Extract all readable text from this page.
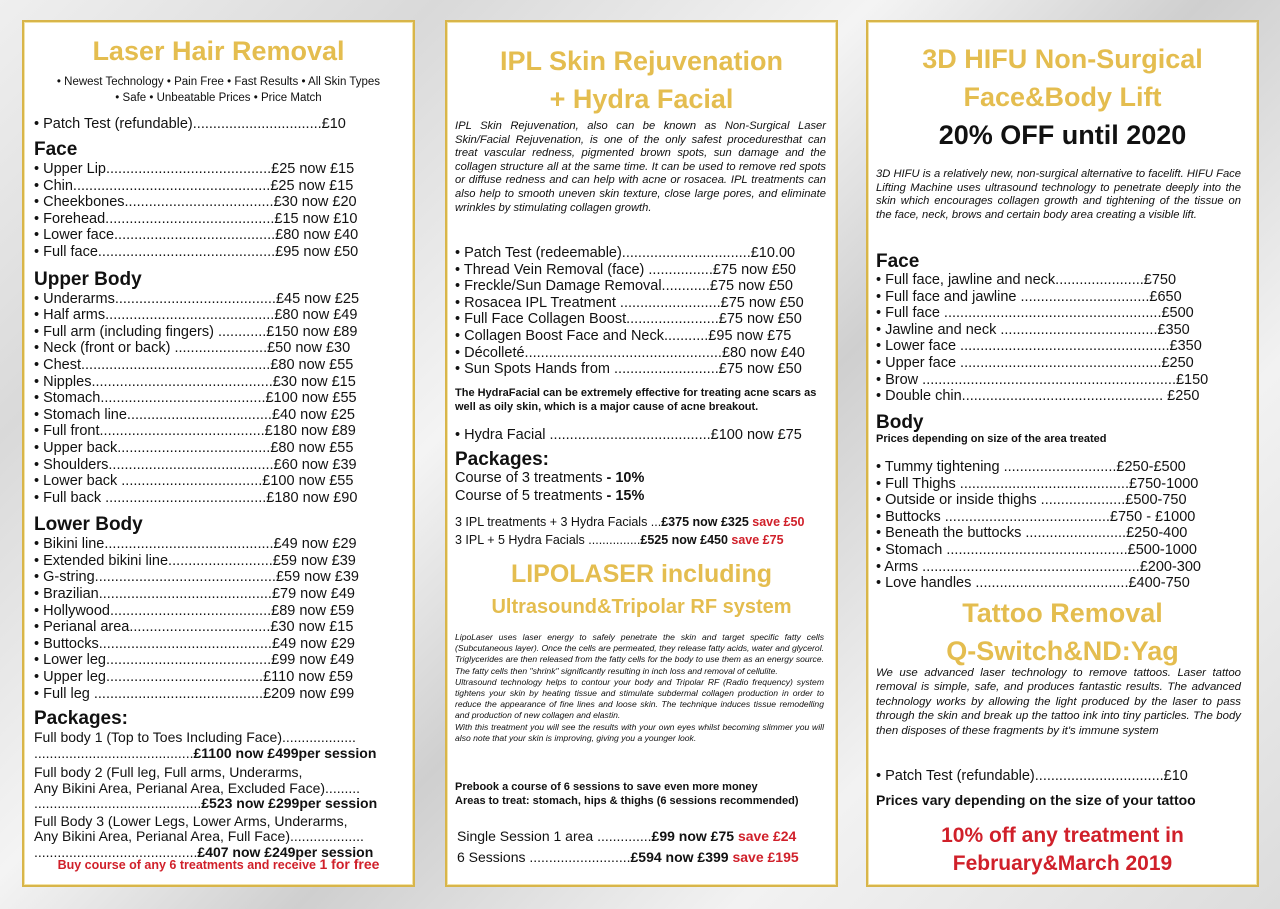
Laser Hair Removal
• Newest Technology • Pain Free • Fast Results • All Skin Types
• Safe • Unbeatable Prices • Price Match
• Patch Test (refundable)................................£10
Face
• Upper Lip.........................................£25 now £15
• Chin.................................................£25 now £15
• Cheekbones.....................................£30 now £20
• Forehead..........................................£15 now £10
• Lower face........................................£80 now £40
• Full face............................................£95 now £50
Upper Body
• Underarms........................................£45 now £25
• Half arms..........................................£80 now £49
• Full arm (including fingers) ............£150 now £89
• Neck (front or back) .......................£50 now £30
• Chest...............................................£80 now £55
• Nipples.............................................£30 now £15
• Stomach.........................................£100 now £55
• Stomach line....................................£40 now £25
• Full front.........................................£180 now £89
• Upper back......................................£80 now £55
• Shoulders.........................................£60 now £39
• Lower back ...................................£100 now £55
• Full back ........................................£180 now £90
Lower Body
• Bikini line..........................................£49 now £29
• Extended bikini line..........................£59 now £39
• G-string.............................................£59 now £39
• Brazilian...........................................£79 now £49
• Hollywood........................................£89 now £59
• Perianal area...................................£30 now £15
• Buttocks...........................................£49 now £29
• Lower leg.........................................£99 now £49
• Upper leg.......................................£110 now £59
• Full leg ..........................................£209 now £99
Packages:
Full body 1 (Top to Toes Including Face)...................
.........................................£1100 now £499per session
Full body 2 (Full leg, Full arms, Underarms,
Any Bikini Area, Perianal Area, Excluded Face).........
...........................................£523 now £299per session
Full Body 3 (Lower Legs, Lower Arms, Underarms,
Any Bikini Area, Perianal Area, Full Face)...................
..........................................£407 now £249per session
Buy course of any 6 treatments and receive 1 for free
IPL Skin Rejuvenation
+ Hydra Facial
IPL Skin Rejuvenation, also can be known as Non-Surgical Laser Skin/Facial Rejuvenation, is one of the only safest proceduresthat can treat vascular redness, pigmented brown spots, sun damage and the collagen structure all at the same time. It can be used to remove red spots or diffuse redness and can help with acne or rosacea. IPL treatments can also help to smooth uneven skin texture, close large pores, and eliminate wrinkles by stimulating collagen growth.
• Patch Test (redeemable)................................£10.00
• Thread Vein Removal (face) ................£75 now £50
• Freckle/Sun Damage Removal............£75 now £50
• Rosacea IPL Treatment .........................£75 now £50
• Full Face Collagen Boost.......................£75 now £50
• Collagen Boost Face and Neck...........£95 now £75
• Décolleté.................................................£80 now £40
• Sun Spots Hands from ..........................£75 now £50
The HydraFacial can be extremely effective for treating acne scars as well as oily skin, which is a major cause of acne breakout.
• Hydra Facial ........................................£100 now £75
Packages:
Course of 3 treatments - 10%
Course of 5 treatments - 15%
3 IPL treatments + 3 Hydra Facials ...£375 now £325 save £50
3 IPL + 5 Hydra Facials ...............£525 now £450 save £75
LIPOLASER including
Ultrasound&Tripolar RF system
LipoLaser uses laser energy to safely penetrate the skin and target specific fatty cells (Subcutaneous layer). Once the cells are permeated, they release fatty acids, water and glycerol. Triglycerides are then released from the fatty cells for the body to use them as an energy source. The fatty cells then "shrink" significantly resulting in inch loss and removal of cellulite.
Ultrasound technology helps to contour your body and Tripolar RF (Radio frequency) system tightens your skin by heating tissue and stimulate subdermal collagen production in order to reduce the appearance of fine lines and loose skin. The technique induces tissue remodelling and production of new collagen and elastin.
With this treatment you will see the results with your own eyes whilst becoming slimmer you will also note that your skin is improving, giving you a younger look.
Prebook a course of 6 sessions to save even more money
Areas to treat: stomach, hips & thighs (6 sessions recommended)
Single Session 1 area ..............£99 now £75 save £24
6 Sessions ..........................£594 now £399 save £195
3D HIFU Non-Surgical
Face&Body Lift
20% OFF until 2020
3D HIFU is a relatively new, non-surgical alternative to facelift. HIFU Face Lifting Machine uses ultrasound technology to penetrate deeply into the skin which encourages collagen growth and tightening of the tissue on the face, neck, brows and certain body area creating a visible lift.
Face
• Full face, jawline and neck......................£750
• Full face and jawline ................................£650
• Full face ......................................................£500
• Jawline and neck .......................................£350
• Lower face ....................................................£350
• Upper face ..................................................£250
• Brow ...............................................................£150
• Double chin.................................................. £250
Body
Prices depending on size of the area treated
• Tummy tightening ............................£250-£500
• Full Thighs ..........................................£750-1000
• Outside or inside thighs .....................£500-750
• Buttocks .........................................£750 - £1000
• Beneath the buttocks .........................£250-400
• Stomach .............................................£500-1000
• Arms ......................................................£200-300
• Love handles ......................................£400-750
Tattoo Removal
Q-Switch&ND:Yag
We use advanced laser technology to remove tattoos. Laser tattoo removal is simple, safe, and produces fantastic results. The advanced technology works by allowing the light produced by the laser to pass through the skin and break up the tattoo ink into tiny particles. The body then disposes of these fragments by it's immune system
• Patch Test (refundable)................................£10
Prices vary depending on the size of your tattoo
10% off any treatment in
February&March 2019
